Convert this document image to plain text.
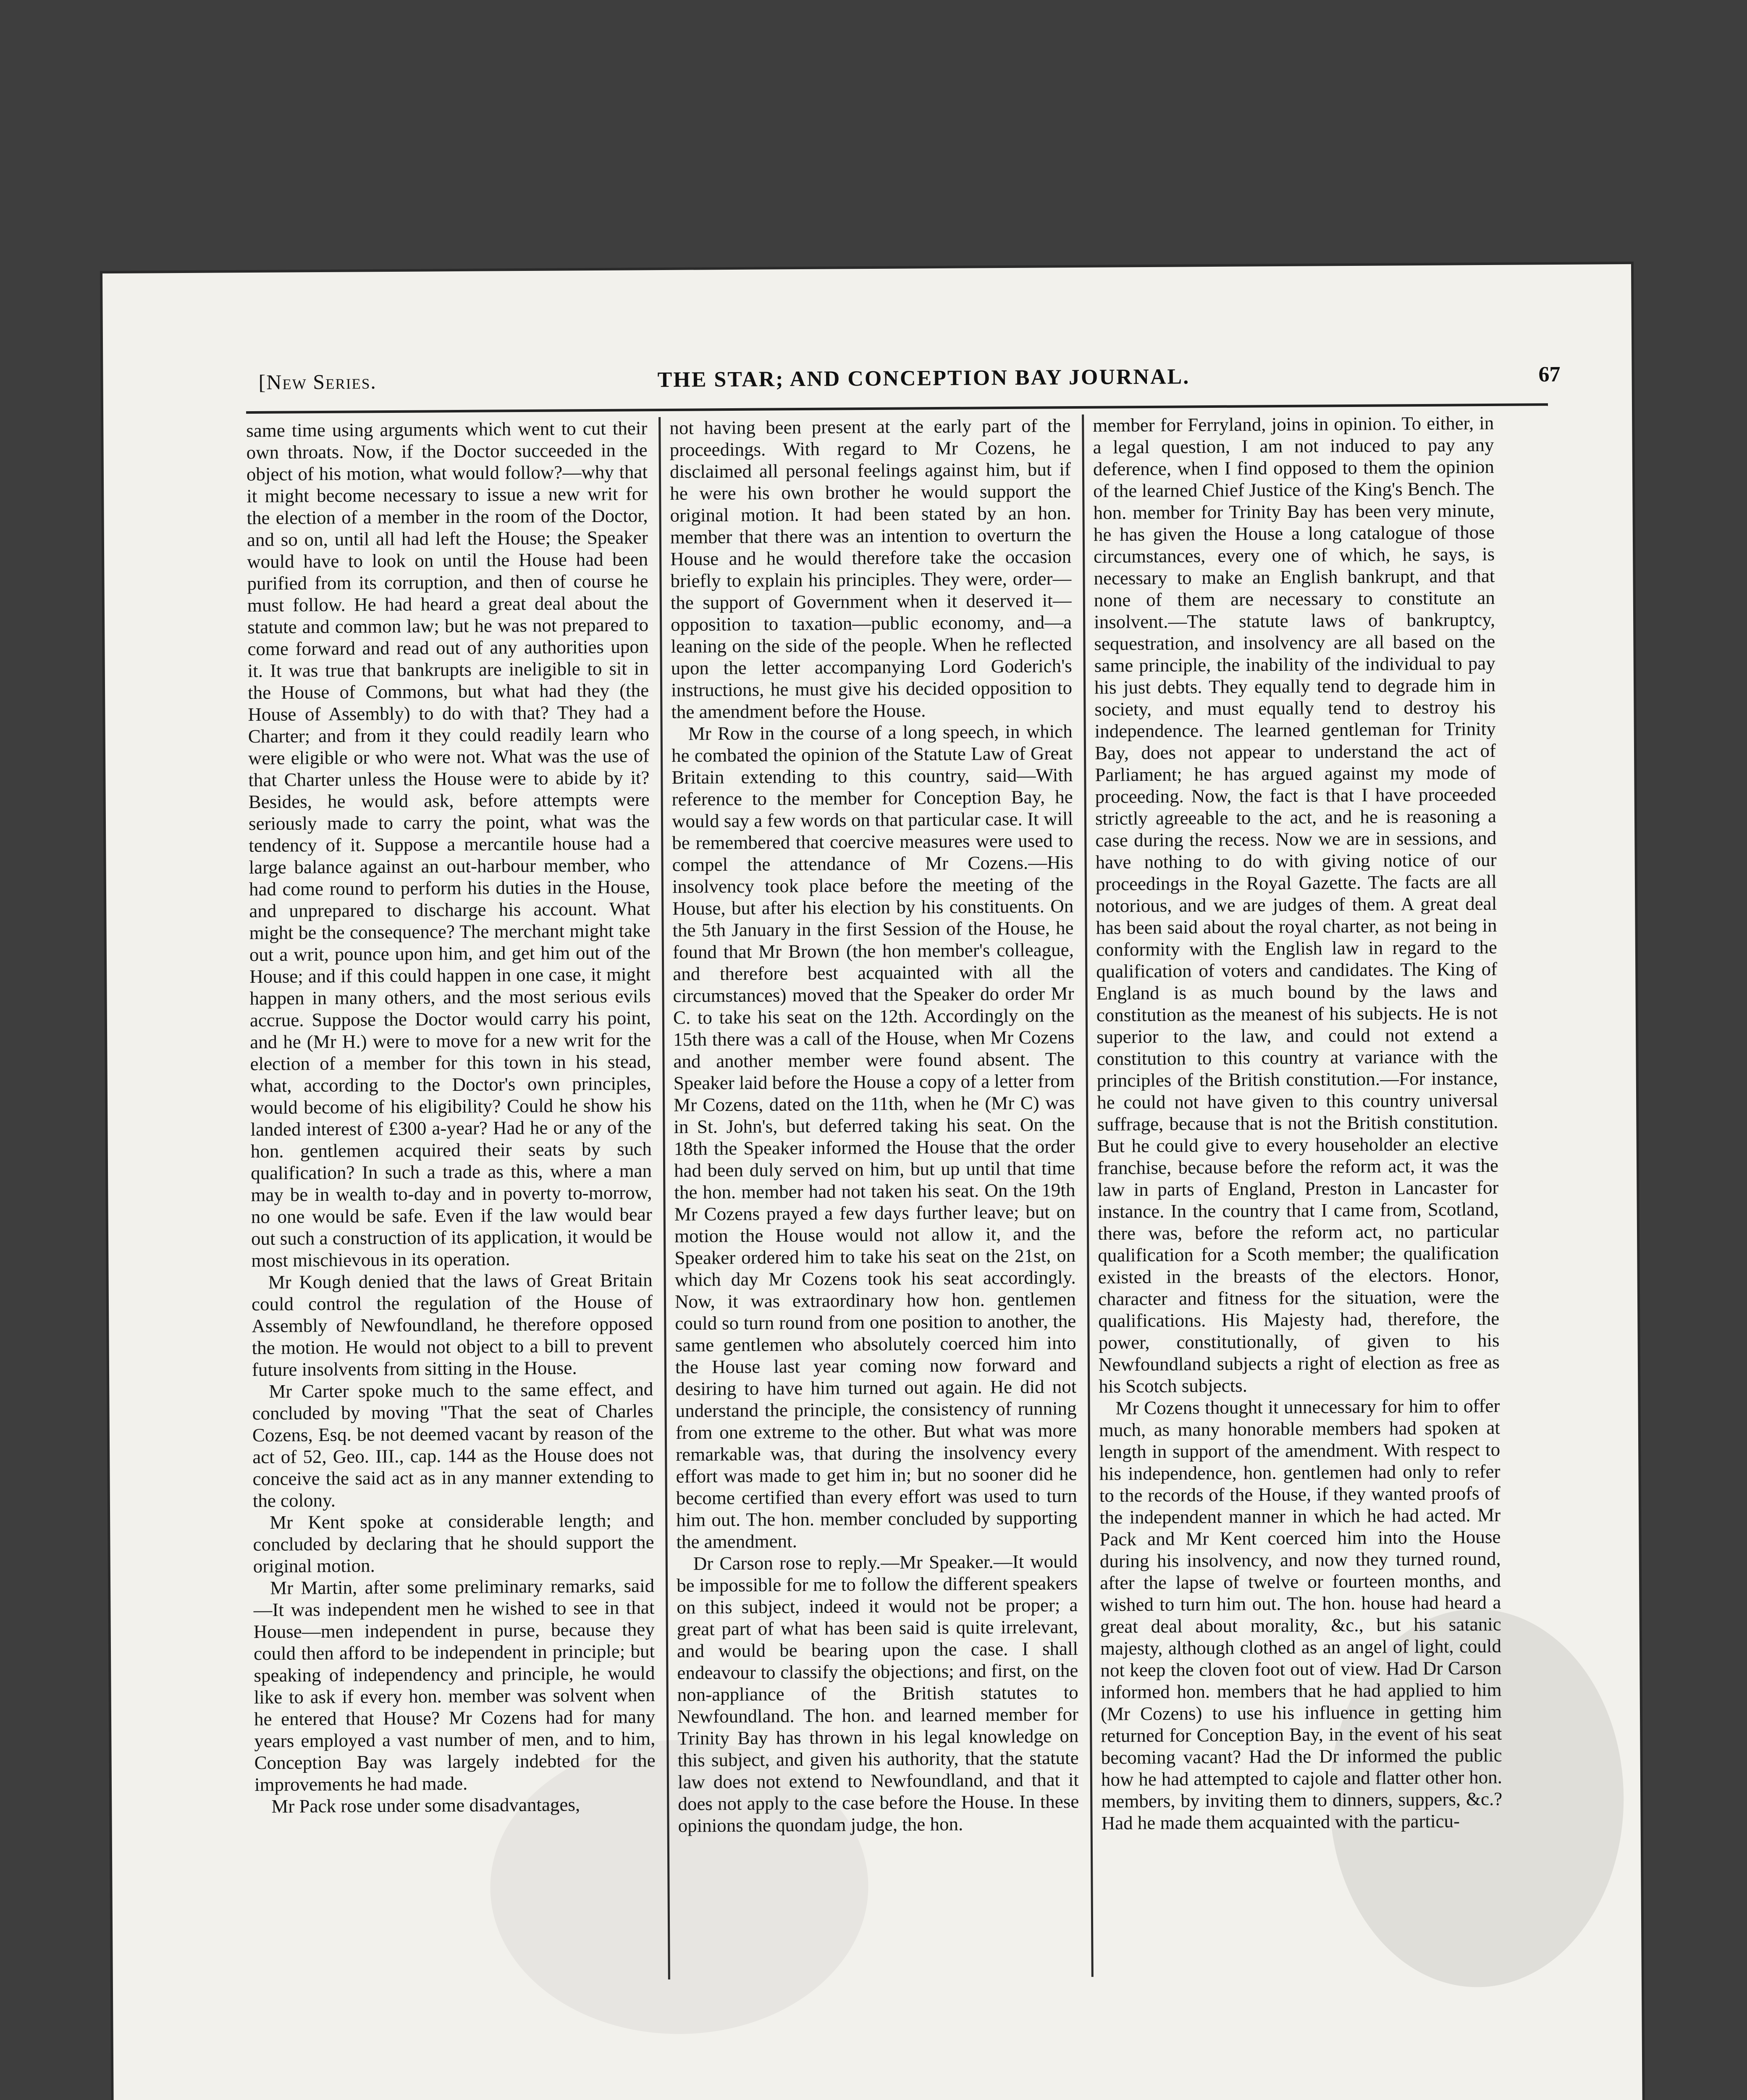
[New Series.	THE STAR; AND CONCEPTION BAY JOURNAL.	67

same time using arguments which went to cut their own throats. Now, if the Doctor succeeded in the object of his motion, what would follow?—why that it might become necessary to issue a new writ for the election of a member in the room of the Doctor, and so on, until all had left the House; the Speaker would have to look on until the House had been purified from its corruption, and then of course he must follow. He had heard a great deal about the statute and common law; but he was not prepared to come forward and read out of any authorities upon it. It was true that bankrupts are ineligible to sit in the House of Commons, but what had they (the House of Assembly) to do with that? They had a Charter; and from it they could readily learn who were eligible or who were not. What was the use of that Charter unless the House were to abide by it? Besides, he would ask, before attempts were seriously made to carry the point, what was the tendency of it. Suppose a mercantile house had a large balance against an out-harbour member, who had come round to perform his duties in the House, and unprepared to discharge his account. What might be the consequence? The merchant might take out a writ, pounce upon him, and get him out of the House; and if this could happen in one case, it might happen in many others, and the most serious evils accrue. Suppose the Doctor would carry his point, and he (Mr H.) were to move for a new writ for the election of a member for this town in his stead, what, according to the Doctor's own principles, would become of his eligibility? Could he show his landed interest of £300 a-year? Had he or any of the hon. gentlemen acquired their seats by such qualification? In such a trade as this, where a man may be in wealth to-day and in poverty to-morrow, no one would be safe. Even if the law would bear out such a construction of its application, it would be most mischievous in its operation.

Mr Kough denied that the laws of Great Britain could control the regulation of the House of Assembly of Newfoundland, he therefore opposed the motion. He would not object to a bill to prevent future insolvents from sitting in the House.

Mr Carter spoke much to the same effect, and concluded by moving "That the seat of Charles Cozens, Esq. be not deemed vacant by reason of the act of 52, Geo. III., cap. 144 as the House does not conceive the said act as in any manner extending to the colony.

Mr Kent spoke at considerable length; and concluded by declaring that he should support the original motion.

Mr Martin, after some preliminary remarks, said—It was independent men he wished to see in that House—men independent in purse, because they could then afford to be independent in principle; but speaking of independency and principle, he would like to ask if every hon. member was solvent when he entered that House? Mr Cozens had for many years employed a vast number of men, and to him, Conception Bay was largely indebted for the improvements he had made.

Mr Pack rose under some disadvantages,

not having been present at the early part of the proceedings. With regard to Mr Cozens, he disclaimed all personal feelings against him, but if he were his own brother he would support the original motion. It had been stated by an hon. member that there was an intention to overturn the House and he would therefore take the occasion briefly to explain his principles. They were, order—the support of Government when it deserved it—opposition to taxation—public economy, and—a leaning on the side of the people. When he reflected upon the letter accompanying Lord Goderich's instructions, he must give his decided opposition to the amendment before the House.

Mr Row in the course of a long speech, in which he combated the opinion of the Statute Law of Great Britain extending to this country, said—With reference to the member for Conception Bay, he would say a few words on that particular case. It will be remembered that coercive measures were used to compel the attendance of Mr Cozens.—His insolvency took place before the meeting of the House, but after his election by his constituents. On the 5th January in the first Session of the House, he found that Mr Brown (the hon member's colleague, and therefore best acquainted with all the circumstances) moved that the Speaker do order Mr C. to take his seat on the 12th. Accordingly on the 15th there was a call of the House, when Mr Cozens and another member were found absent. The Speaker laid before the House a copy of a letter from Mr Cozens, dated on the 11th, when he (Mr C) was in St. John's, but deferred taking his seat. On the 18th the Speaker informed the House that the order had been duly served on him, but up until that time the hon. member had not taken his seat. On the 19th Mr Cozens prayed a few days further leave; but on motion the House would not allow it, and the Speaker ordered him to take his seat on the 21st, on which day Mr Cozens took his seat accordingly. Now, it was extraordinary how hon. gentlemen could so turn round from one position to another, the same gentlemen who absolutely coerced him into the House last year coming now forward and desiring to have him turned out again. He did not understand the principle, the consistency of running from one extreme to the other. But what was more remarkable was, that during the insolvency every effort was made to get him in; but no sooner did he become certified than every effort was used to turn him out. The hon. member concluded by supporting the amendment.

Dr Carson rose to reply.—Mr Speaker.—It would be impossible for me to follow the different speakers on this subject, indeed it would not be proper; a great part of what has been said is quite irrelevant, and would be bearing upon the case. I shall endeavour to classify the objections; and first, on the non-appliance of the British statutes to Newfoundland. The hon. and learned member for Trinity Bay has thrown in his legal knowledge on this subject, and given his authority, that the statute law does not extend to Newfoundland, and that it does not apply to the case before the House. In these opinions the quondam judge, the hon.

member for Ferryland, joins in opinion. To either, in a legal question, I am not induced to pay any deference, when I find opposed to them the opinion of the learned Chief Justice of the King's Bench. The hon. member for Trinity Bay has been very minute, he has given the House a long catalogue of those circumstances, every one of which, he says, is necessary to make an English bankrupt, and that none of them are necessary to constitute an insolvent.—The statute laws of bankruptcy, sequestration, and insolvency are all based on the same principle, the inability of the individual to pay his just debts. They equally tend to degrade him in society, and must equally tend to destroy his independence. The learned gentleman for Trinity Bay, does not appear to understand the act of Parliament; he has argued against my mode of proceeding. Now, the fact is that I have proceeded strictly agreeable to the act, and he is reasoning a case during the recess. Now we are in sessions, and have nothing to do with giving notice of our proceedings in the Royal Gazette. The facts are all notorious, and we are judges of them. A great deal has been said about the royal charter, as not being in conformity with the English law in regard to the qualification of voters and candidates. The King of England is as much bound by the laws and constitution as the meanest of his subjects. He is not superior to the law, and could not extend a constitution to this country at variance with the principles of the British constitution.—For instance, he could not have given to this country universal suffrage, because that is not the British constitution. But he could give to every householder an elective franchise, because before the reform act, it was the law in parts of England, Preston in Lancaster for instance. In the country that I came from, Scotland, there was, before the reform act, no particular qualification for a Scoth member; the qualification existed in the breasts of the electors. Honor, character and fitness for the situation, were the qualifications. His Majesty had, therefore, the power, constitutionally, of given to his Newfoundland subjects a right of election as free as his Scotch subjects.

Mr Cozens thought it unnecessary for him to offer much, as many honorable members had spoken at length in support of the amendment. With respect to his independence, hon. gentlemen had only to refer to the records of the House, if they wanted proofs of the independent manner in which he had acted. Mr Pack and Mr Kent coerced him into the House during his insolvency, and now they turned round, after the lapse of twelve or fourteen months, and wished to turn him out. The hon. house had heard a great deal about morality, &c., but his satanic majesty, although clothed as an angel of light, could not keep the cloven foot out of view. Had Dr Carson informed hon. members that he had applied to him (Mr Cozens) to use his influence in getting him returned for Conception Bay, in the event of his seat becoming vacant? Had the Dr informed the public how he had attempted to cajole and flatter other hon. members, by inviting them to dinners, suppers, &c.? Had he made them acquainted with the particu-
